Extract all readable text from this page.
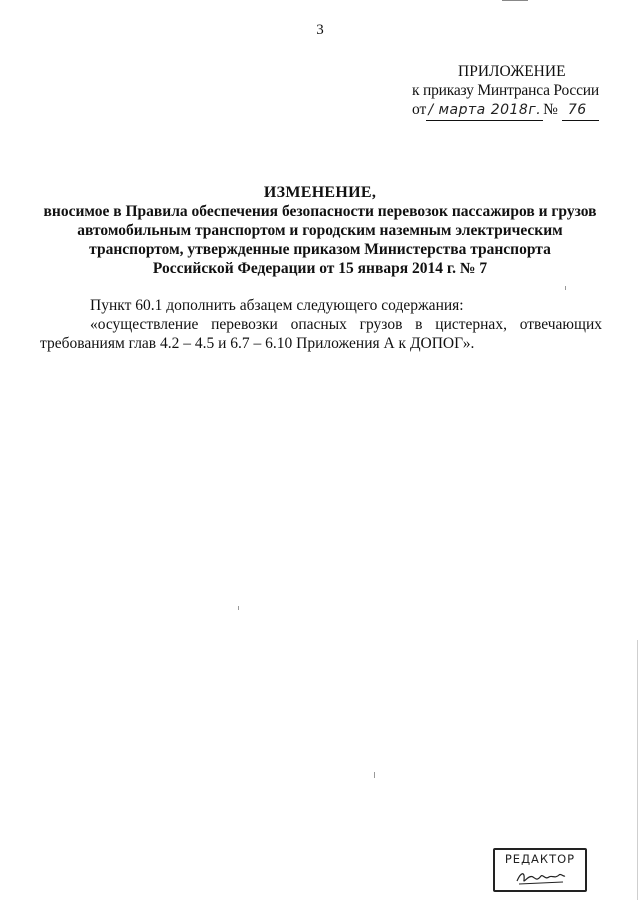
3
ПРИЛОЖЕНИЕ
к приказу Минтранса России
от / марта 2018г. № 76
ИЗМЕНЕНИЕ,
вносимое в Правила обеспечения безопасности перевозок пассажиров и грузов
автомобильным транспортом и городским наземным электрическим
транспортом, утвержденные приказом Министерства транспорта
Российской Федерации от 15 января 2014 г. № 7

Пункт 60.1 дополнить абзацем следующего содержания:

«осуществление перевозки опасных грузов в цистернах, отвечающих требованиям глав 4.2 – 4.5 и 6.7 – 6.10 Приложения А к ДОПОГ».

РЕДАКТОР
